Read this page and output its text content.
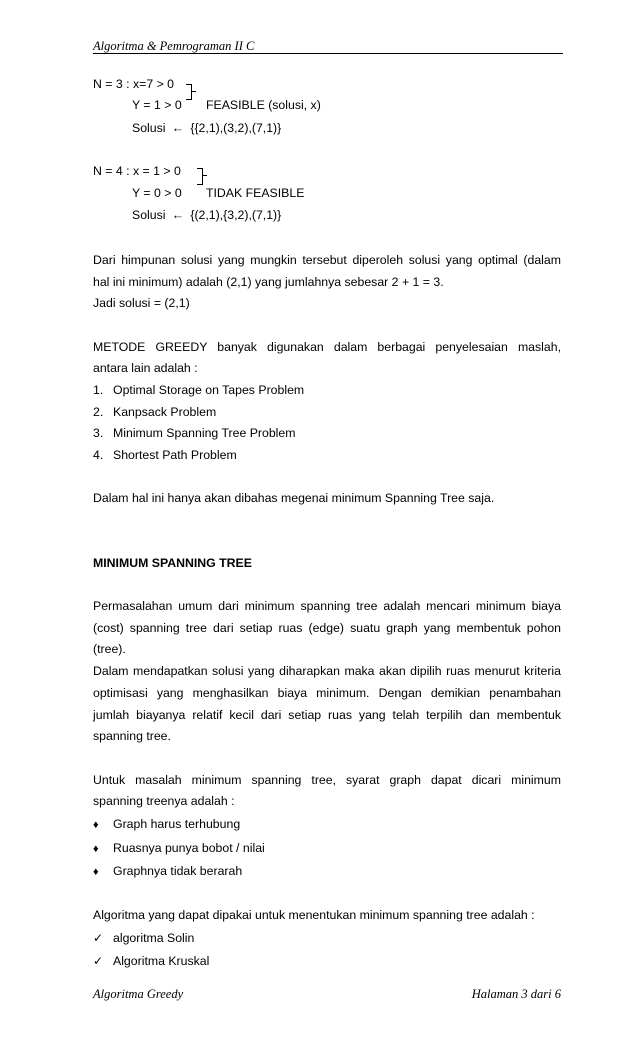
Algoritma & Pemrograman II C
N = 3 : x=7 > 0
Y = 1 > 0 FEASIBLE (solusi, x)
Solusi ← {{2,1),(3,2),(7,1)}
N = 4 : x = 1 > 0
Y = 0 > 0 TIDAK FEASIBLE
Solusi ← {(2,1),{3,2),(7,1)}
Dari himpunan solusi yang mungkin tersebut diperoleh solusi yang optimal (dalam
hal ini minimum) adalah (2,1) yang jumlahnya sebesar 2 + 1 = 3.
Jadi solusi = (2,1)
METODE GREEDY banyak digunakan dalam berbagai penyelesaian maslah,
antara lain adalah :
1. Optimal Storage on Tapes Problem
2. Kanpsack Problem
3. Minimum Spanning Tree Problem
4. Shortest Path Problem
Dalam hal ini hanya akan dibahas megenai minimum Spanning Tree saja.
MINIMUM SPANNING TREE
Permasalahan umum dari minimum spanning tree adalah mencari minimum biaya
(cost) spanning tree dari setiap ruas (edge) suatu graph yang membentuk pohon
(tree).
Dalam mendapatkan solusi yang diharapkan maka akan dipilih ruas menurut kriteria
optimisasi yang menghasilkan biaya minimum. Dengan demikian penambahan
jumlah biayanya relatif kecil dari setiap ruas yang telah terpilih dan membentuk
spanning tree.
Untuk masalah minimum spanning tree, syarat graph dapat dicari minimum
spanning treenya adalah :
♦ Graph harus terhubung
♦ Ruasnya punya bobot / nilai
♦ Graphnya tidak berarah
Algoritma yang dapat dipakai untuk menentukan minimum spanning tree adalah :
✓ algoritma Solin
✓ Algoritma Kruskal
Algoritma Greedy	Halaman 3 dari 6
